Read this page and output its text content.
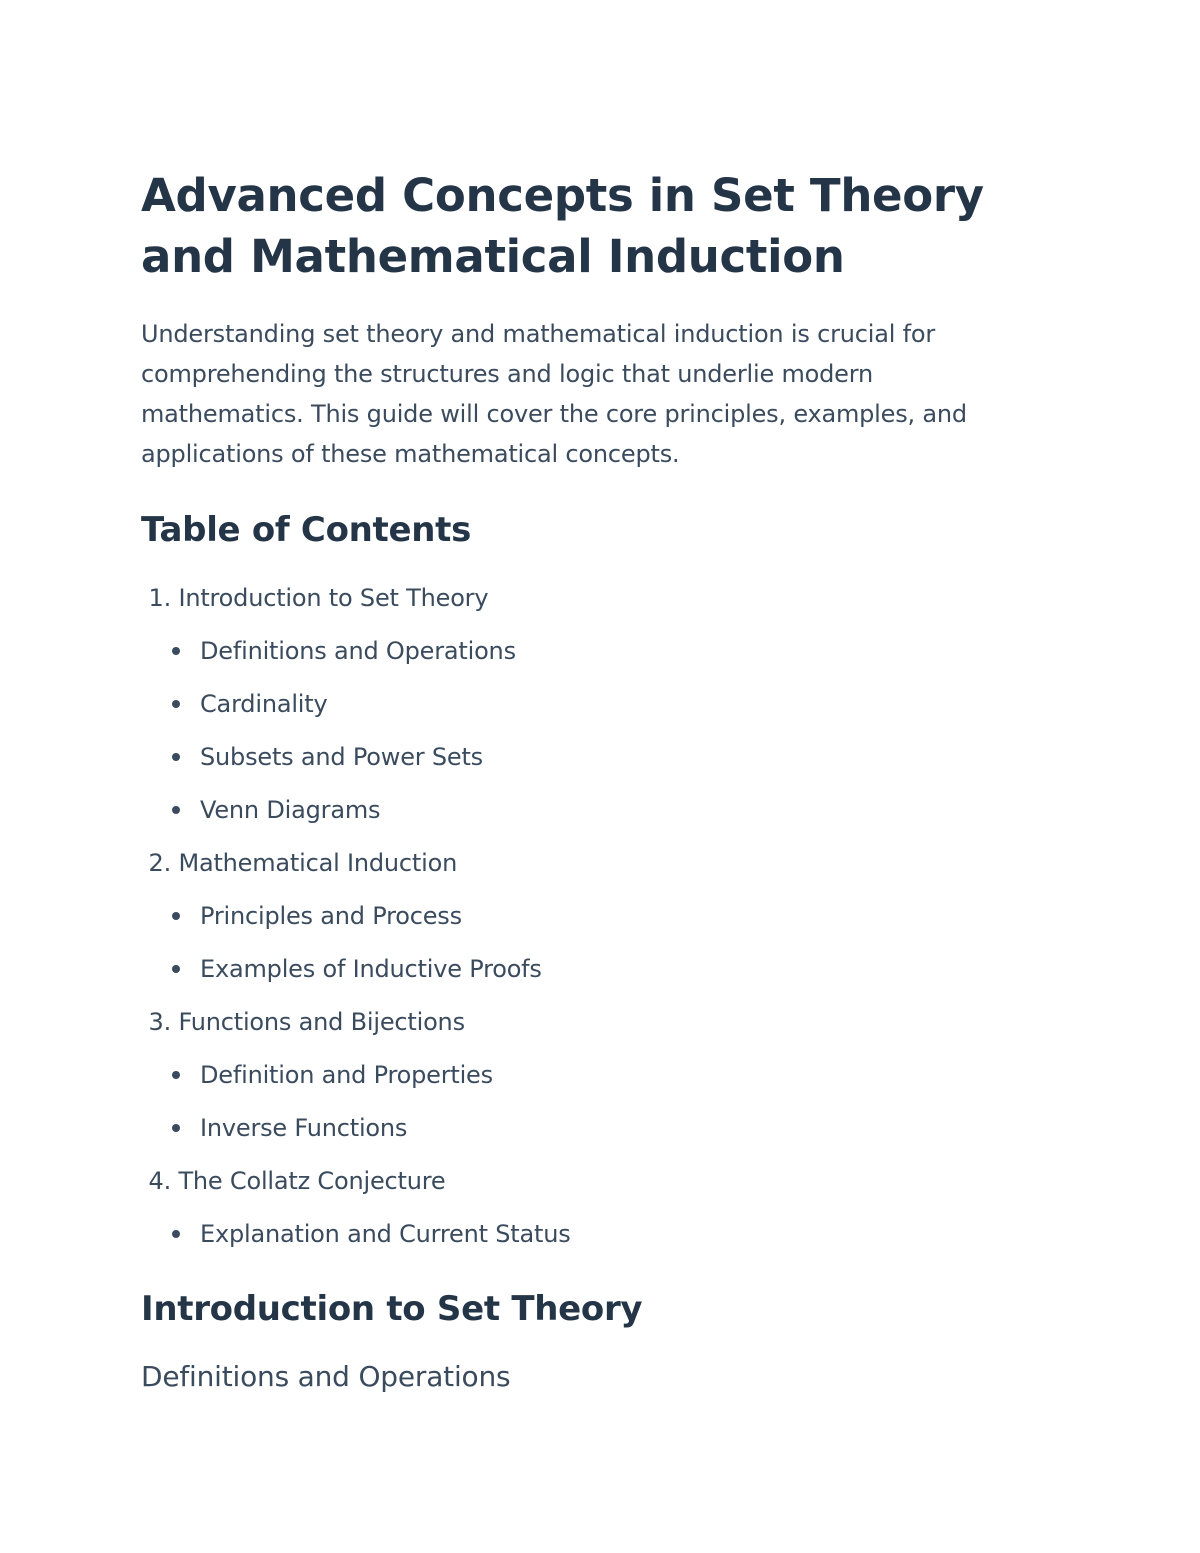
Advanced Concepts in Set Theory and Mathematical Induction

Understanding set theory and mathematical induction is crucial for comprehending the structures and logic that underlie modern mathematics. This guide will cover the core principles, examples, and applications of these mathematical concepts.

Table of Contents
1. Introduction to Set Theory
Definitions and Operations
Cardinality
Subsets and Power Sets
Venn Diagrams
2. Mathematical Induction
Principles and Process
Examples of Inductive Proofs
3. Functions and Bijections
Definition and Properties
Inverse Functions
4. The Collatz Conjecture
Explanation and Current Status
Introduction to Set Theory
Definitions and Operations
